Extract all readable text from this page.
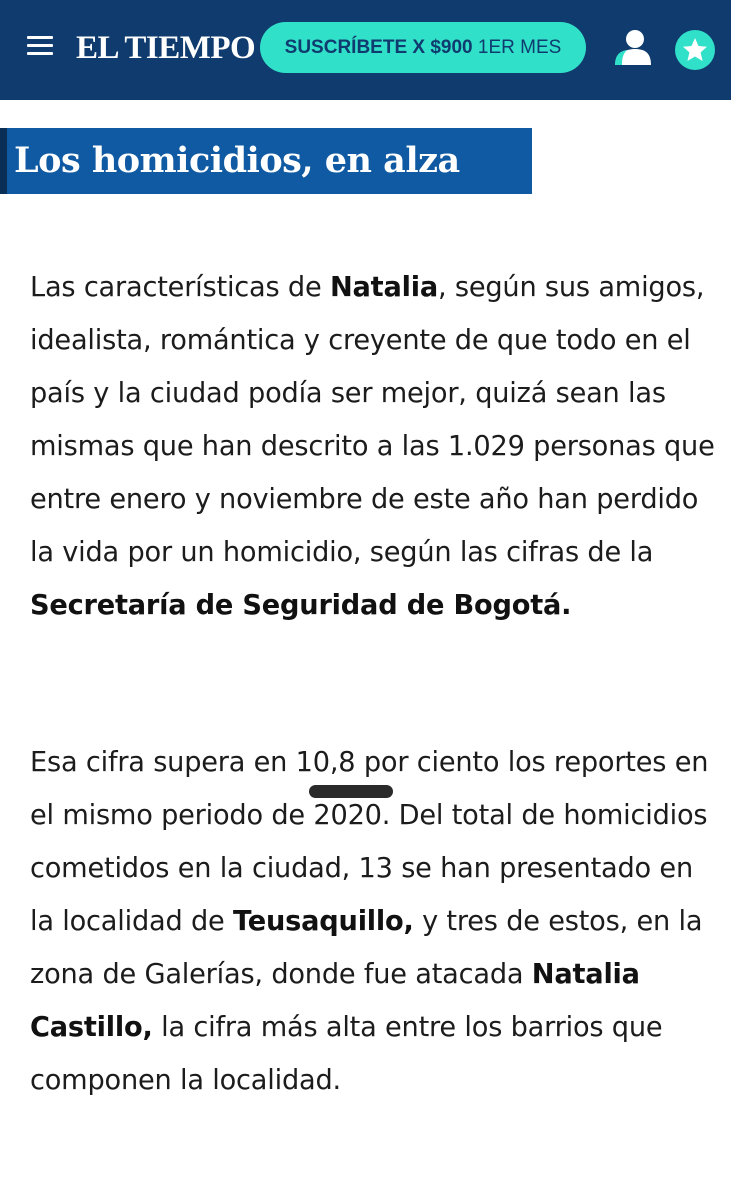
EL TIEMPO	SUSCRÍBETE X $900 1ER MES
Los homicidios, en alza

Las características de Natalia, según sus amigos, idealista, romántica y creyente de que todo en el país y la ciudad podía ser mejor, quizá sean las mismas que han descrito a las 1.029 personas que entre enero y noviembre de este año han perdido la vida por un homicidio, según las cifras de la Secretaría de Seguridad de Bogotá.

Esa cifra supera en 10,8 por ciento los reportes en el mismo periodo de 2020. Del total de homicidios cometidos en la ciudad, 13 se han presentado en la localidad de Teusaquillo, y tres de estos, en la zona de Galerías, donde fue atacada Natalia Castillo, la cifra más alta entre los barrios que componen la localidad.
